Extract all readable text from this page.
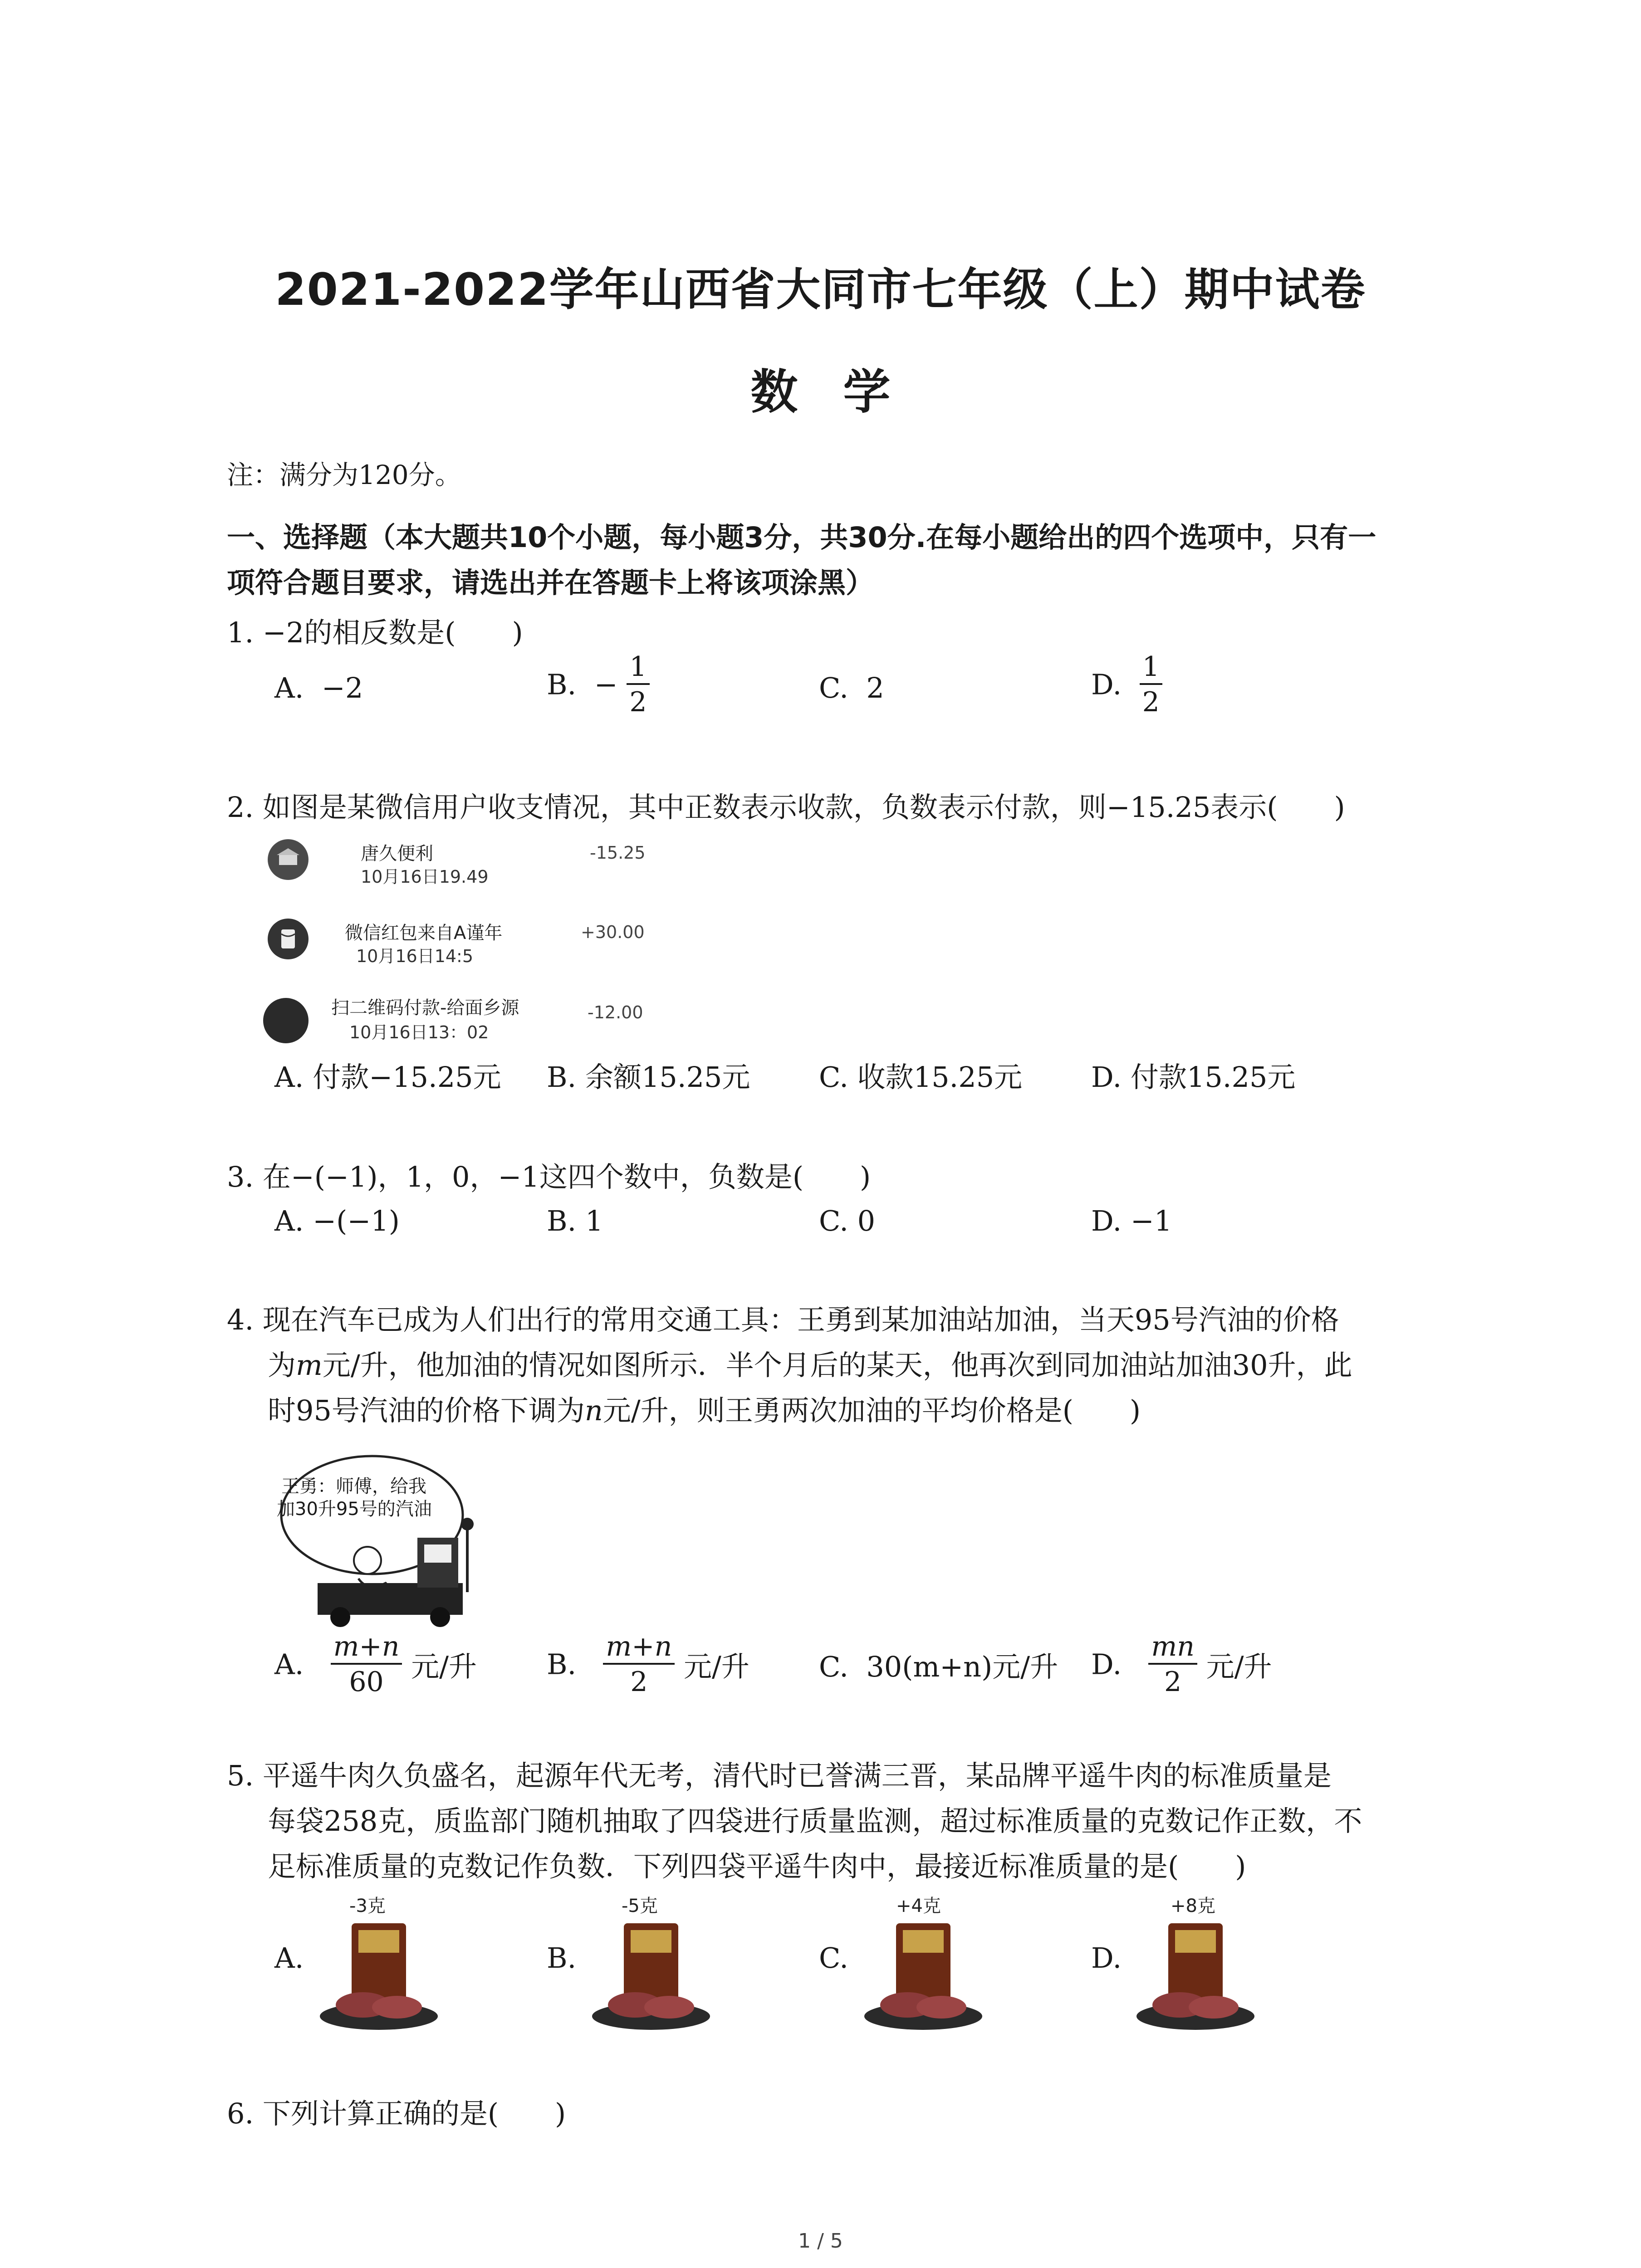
2021-2022学年山西省大同市七年级（上）期中试卷
数学
注：满分为120分。
一、选择题（本大题共10个小题，每小题3分，共30分.在每小题给出的四个选项中，只有一
项符合题目要求，请选出并在答题卡上将该项涂黑）
1. −2的相反数是(　　)
A. −2	B. − $\frac{1}{2}$	C. 2	D. $\frac{1}{2}$
2. 如图是某微信用户收支情况，其中正数表示收款，负数表示付款，则−15.25表示(　　)
唐久便利
10月16日19.49
-15.25
微信红包来自A谨年
10月16日14:5
+30.00
扫二维码付款-给面乡源
10月16日13：02
-12.00
A. 付款−15.25元 B. 余额15.25元 C. 收款15.25元 D. 付款15.25元
3. 在−(−1)，1，0，−1这四个数中，负数是(　　)
A. −(−1)	B. 1	C. 0	D. −1
4. 现在汽车已成为人们出行的常用交通工具：王勇到某加油站加油，当天95号汽油的价格
为m元/升，他加油的情况如图所示．半个月后的某天，他再次到同加油站加油30升，此
时95号汽油的价格下调为n元/升，则王勇两次加油的平均价格是(　　)
王勇：师傅，给我
加30升95号的汽油
A. $\frac{m+n}{60}$ 元/升 B. $\frac{m+n}{2}$ 元/升 C. 30(m+n)元/升 D. $\frac{mn}{2}$ 元/升
5. 平遥牛肉久负盛名，起源年代无考，清代时已誉满三晋，某品牌平遥牛肉的标准质量是
每袋258克，质监部门随机抽取了四袋进行质量监测，超过标准质量的克数记作正数，不
足标准质量的克数记作负数．下列四袋平遥牛肉中，最接近标准质量的是(　　)
A.
-3克
B.
-5克
C.
+4克
D.
+8克
6. 下列计算正确的是(　　)
1 / 5
